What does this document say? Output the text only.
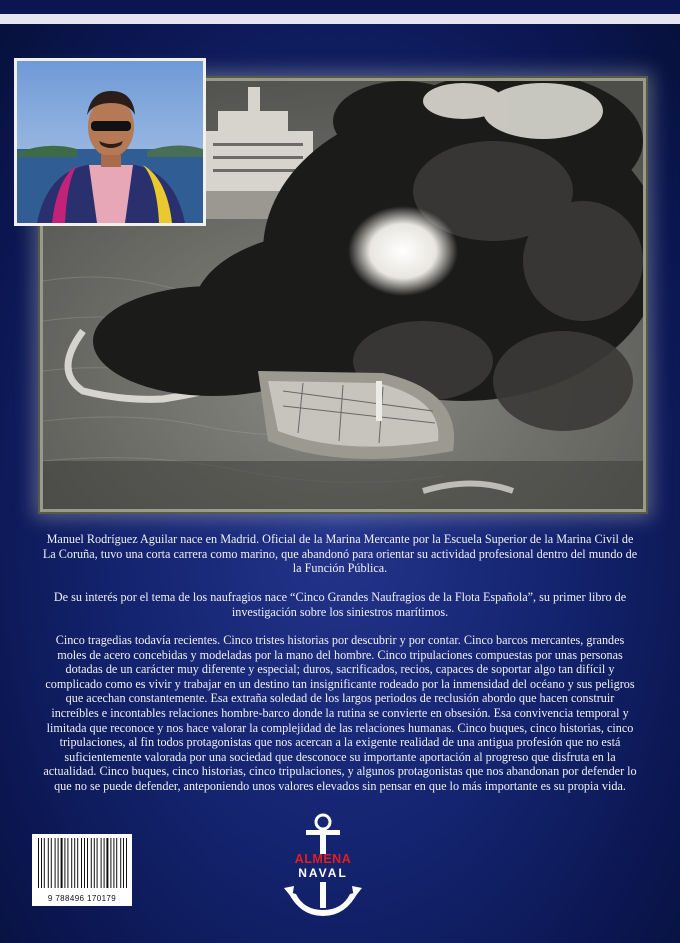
Manuel Rodríguez Aguilar nace en Madrid. Oficial de la Marina Mercante por la Escuela Superior de la Marina Civil de La Coruña, tuvo una corta carrera como marino, que abandonó para orientar su actividad profesional dentro del mundo de la Función Pública.

De su interés por el tema de los naufragios nace “Cinco Grandes Naufragios de la Flota Española”, su primer libro de investigación sobre los siniestros marítimos.

Cinco tragedias todavía recientes. Cinco tristes historias por descubrir y por contar. Cinco barcos mercantes, grandes moles de acero concebidas y modeladas por la mano del hombre. Cinco tripulaciones compuestas por unas personas dotadas de un carácter muy diferente y especial; duros, sacrificados, recios, capaces de soportar algo tan difícil y complicado como es vivir y trabajar en un destino tan insignificante rodeado por la inmensidad del océano y sus peligros que acechan constantemente. Esa extraña soledad de los largos periodos de reclusión abordo que hacen construir increíbles e incontables relaciones hombre-barco donde la rutina se convierte en obsesión. Esa convivencia temporal y limitada que reconoce y nos hace valorar la complejidad de las relaciones humanas. Cinco buques, cinco historias, cinco tripulaciones, al fin todos protagonistas que nos acercan a la exigente realidad de una antigua profesión que no está suficientemente valorada por una sociedad que desconoce su importante aportación al progreso que disfruta en la actualidad. Cinco buques, cinco historias, cinco tripulaciones, y algunos protagonistas que nos abandonan por defender lo que no se puede defender, anteponiendo unos valores elevados sin pensar en que lo más importante es su propia vida.

9 788496 170179
ALMENA
NAVAL
